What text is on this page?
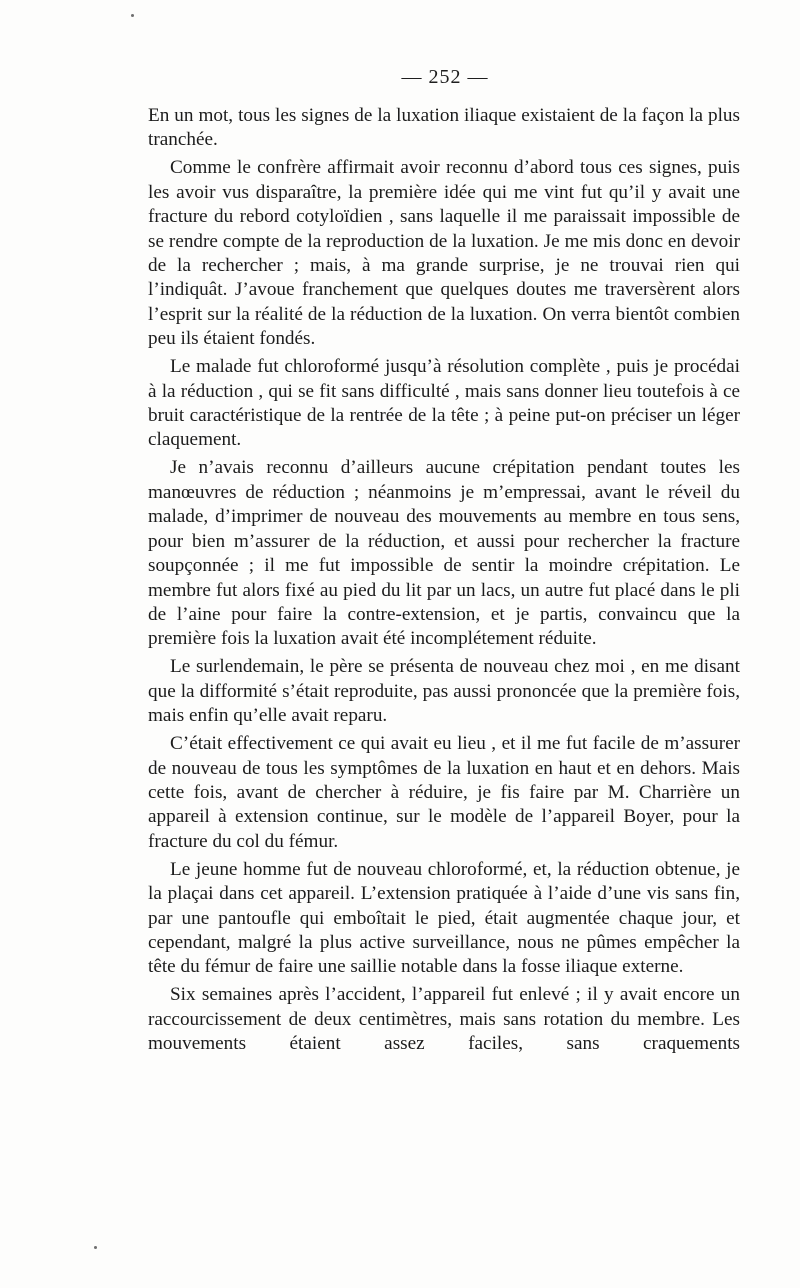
— 252 —

En un mot, tous les signes de la luxation iliaque existaient de la façon la plus tranchée.

Comme le confrère affirmait avoir reconnu d’abord tous ces signes, puis les avoir vus disparaître, la première idée qui me vint fut qu’il y avait une fracture du rebord cotyloïdien , sans laquelle il me paraissait impossible de se rendre compte de la reproduction de la luxation. Je me mis donc en devoir de la rechercher ; mais, à ma grande surprise, je ne trouvai rien qui l’indiquât. J’avoue franchement que quelques doutes me traversèrent alors l’esprit sur la réalité de la réduction de la luxation. On verra bientôt combien peu ils étaient fondés.

Le malade fut chloroformé jusqu’à résolution complète , puis je procédai à la réduction , qui se fit sans difficulté , mais sans donner lieu toutefois à ce bruit caractéristique de la rentrée de la tête ; à peine put-on préciser un léger claquement.

Je n’avais reconnu d’ailleurs aucune crépitation pendant toutes les manœuvres de réduction ; néanmoins je m’empressai, avant le réveil du malade, d’imprimer de nouveau des mouvements au membre en tous sens, pour bien m’assurer de la réduction, et aussi pour rechercher la fracture soupçonnée ; il me fut impossible de sentir la moindre crépitation. Le membre fut alors fixé au pied du lit par un lacs, un autre fut placé dans le pli de l’aine pour faire la contre-extension, et je partis, convaincu que la première fois la luxation avait été incomplétement réduite.

Le surlendemain, le père se présenta de nouveau chez moi , en me disant que la difformité s’était reproduite, pas aussi prononcée que la première fois, mais enfin qu’elle avait reparu.

C’était effectivement ce qui avait eu lieu , et il me fut facile de m’assurer de nouveau de tous les symptômes de la luxation en haut et en dehors. Mais cette fois, avant de chercher à réduire, je fis faire par M. Charrière un appareil à extension continue, sur le modèle de l’appareil Boyer, pour la fracture du col du fémur.

Le jeune homme fut de nouveau chloroformé, et, la réduction obtenue, je la plaçai dans cet appareil. L’extension pratiquée à l’aide d’une vis sans fin, par une pantoufle qui emboîtait le pied, était augmentée chaque jour, et cependant, malgré la plus active surveillance, nous ne pûmes empêcher la tête du fémur de faire une saillie notable dans la fosse iliaque externe.

Six semaines après l’accident, l’appareil fut enlevé ; il y avait encore un raccourcissement de deux centimètres, mais sans rotation du membre. Les mouvements étaient assez faciles, sans craquements
